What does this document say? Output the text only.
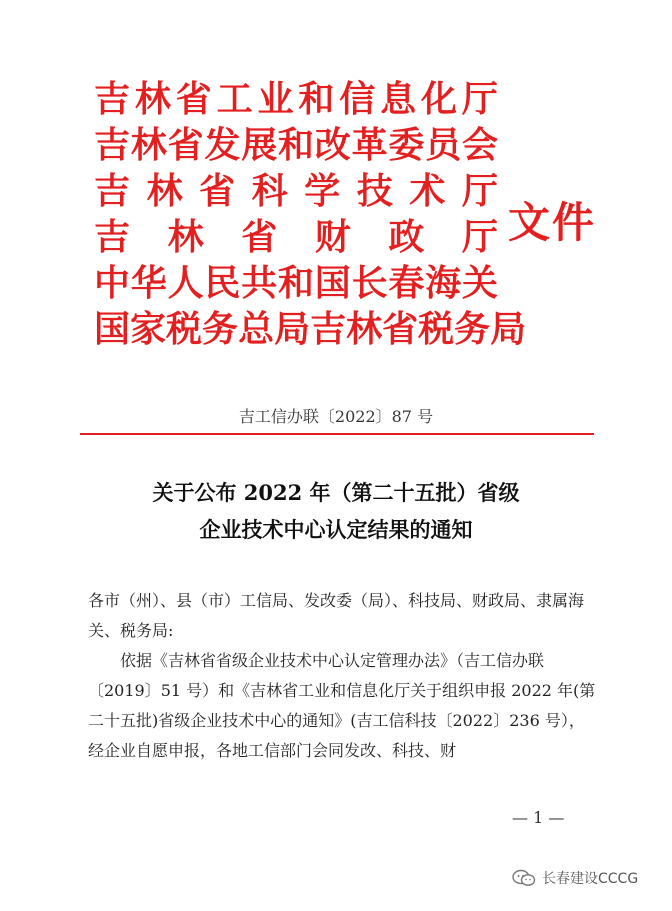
吉 林 省 工 业 和 信 息 化 厅
吉 林 省 发 展 和 改 革 委 员 会
吉 林 省 科 学 技 术 厅
吉 林 省 财 政 厅
中 华 人 民 共 和 国 长 春 海 关
国 家 税 务 总 局 吉 林 省 税 务 局
文件
吉工信办联〔2022〕87 号
关于公布 2022 年（第二十五批）省级
企业技术中心认定结果的通知

各市（州）、县（市）工信局、发改委（局）、科技局、财政局、隶属海关、税务局:

依据《吉林省省级企业技术中心认定管理办法》（吉工信办联〔2019〕51 号）和《吉林省工业和信息化厅关于组织申报 2022 年(第二十五批)省级企业技术中心的通知》(吉工信科技〔2022〕236 号），经企业自愿申报，各地工信部门会同发改、科技、财

— 1 —
长春建设CCCG
